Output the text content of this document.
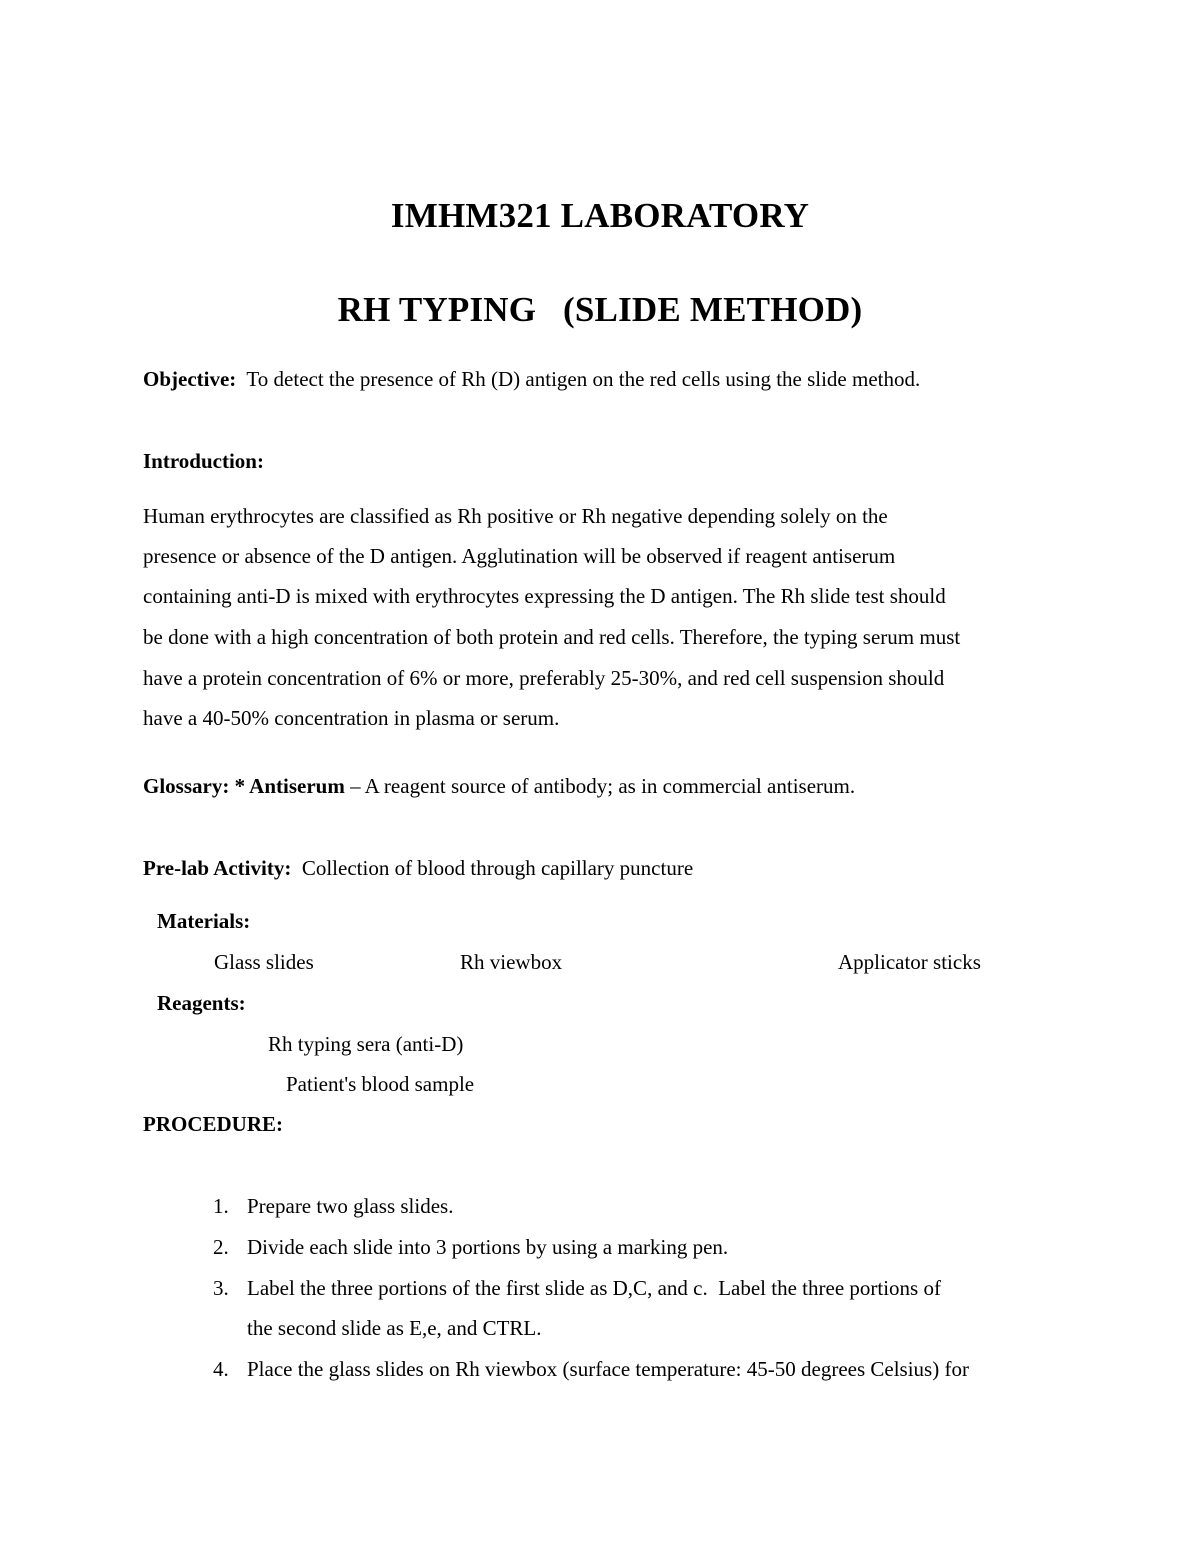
IMHM321 LABORATORY
RH TYPING   (SLIDE METHOD)
Objective: To detect the presence of Rh (D) antigen on the red cells using the slide method.
Introduction:
Human erythrocytes are classified as Rh positive or Rh negative depending solely on the
presence or absence of the D antigen. Agglutination will be observed if reagent antiserum
containing anti-D is mixed with erythrocytes expressing the D antigen. The Rh slide test should
be done with a high concentration of both protein and red cells. Therefore, the typing serum must
have a protein concentration of 6% or more, preferably 25-30%, and red cell suspension should
have a 40-50% concentration in plasma or serum.
Glossary: * Antiserum – A reagent source of antibody; as in commercial antiserum.
Pre-lab Activity: Collection of blood through capillary puncture
Materials:
Glass slides	Rh viewbox	Applicator sticks
Reagents:
Rh typing sera (anti-D)
Patient's blood sample
PROCEDURE:
1. Prepare two glass slides.
2. Divide each slide into 3 portions by using a marking pen.
3. Label the three portions of the first slide as D,C, and c.  Label the three portions of
the second slide as E,e, and CTRL.
4. Place the glass slides on Rh viewbox (surface temperature: 45-50 degrees Celsius) for
